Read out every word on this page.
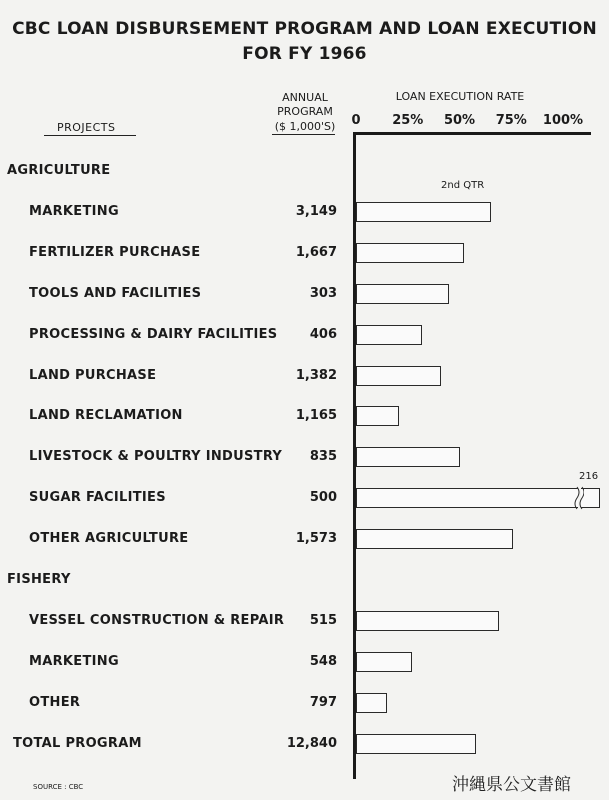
CBC LOAN DISBURSEMENT PROGRAM AND LOAN EXECUTION
FOR FY 1966
PROJECTS
ANNUAL
PROGRAM
($ 1,000'S)
LOAN EXECUTION RATE
0 25% 50% 75% 100%
2nd QTR
AGRICULTURE
MARKETING	3,149
FERTILIZER PURCHASE	1,667
TOOLS AND FACILITIES	303
PROCESSING & DAIRY FACILITIES	406
LAND PURCHASE	1,382
LAND RECLAMATION	1,165
LIVESTOCK & POULTRY INDUSTRY	835
SUGAR FACILITIES	500
OTHER AGRICULTURE	1,573
FISHERY
VESSEL CONSTRUCTION & REPAIR	515
MARKETING	548
OTHER	797
TOTAL PROGRAM	12,840
216
SOURCE : CBC	沖縄県公文書館
